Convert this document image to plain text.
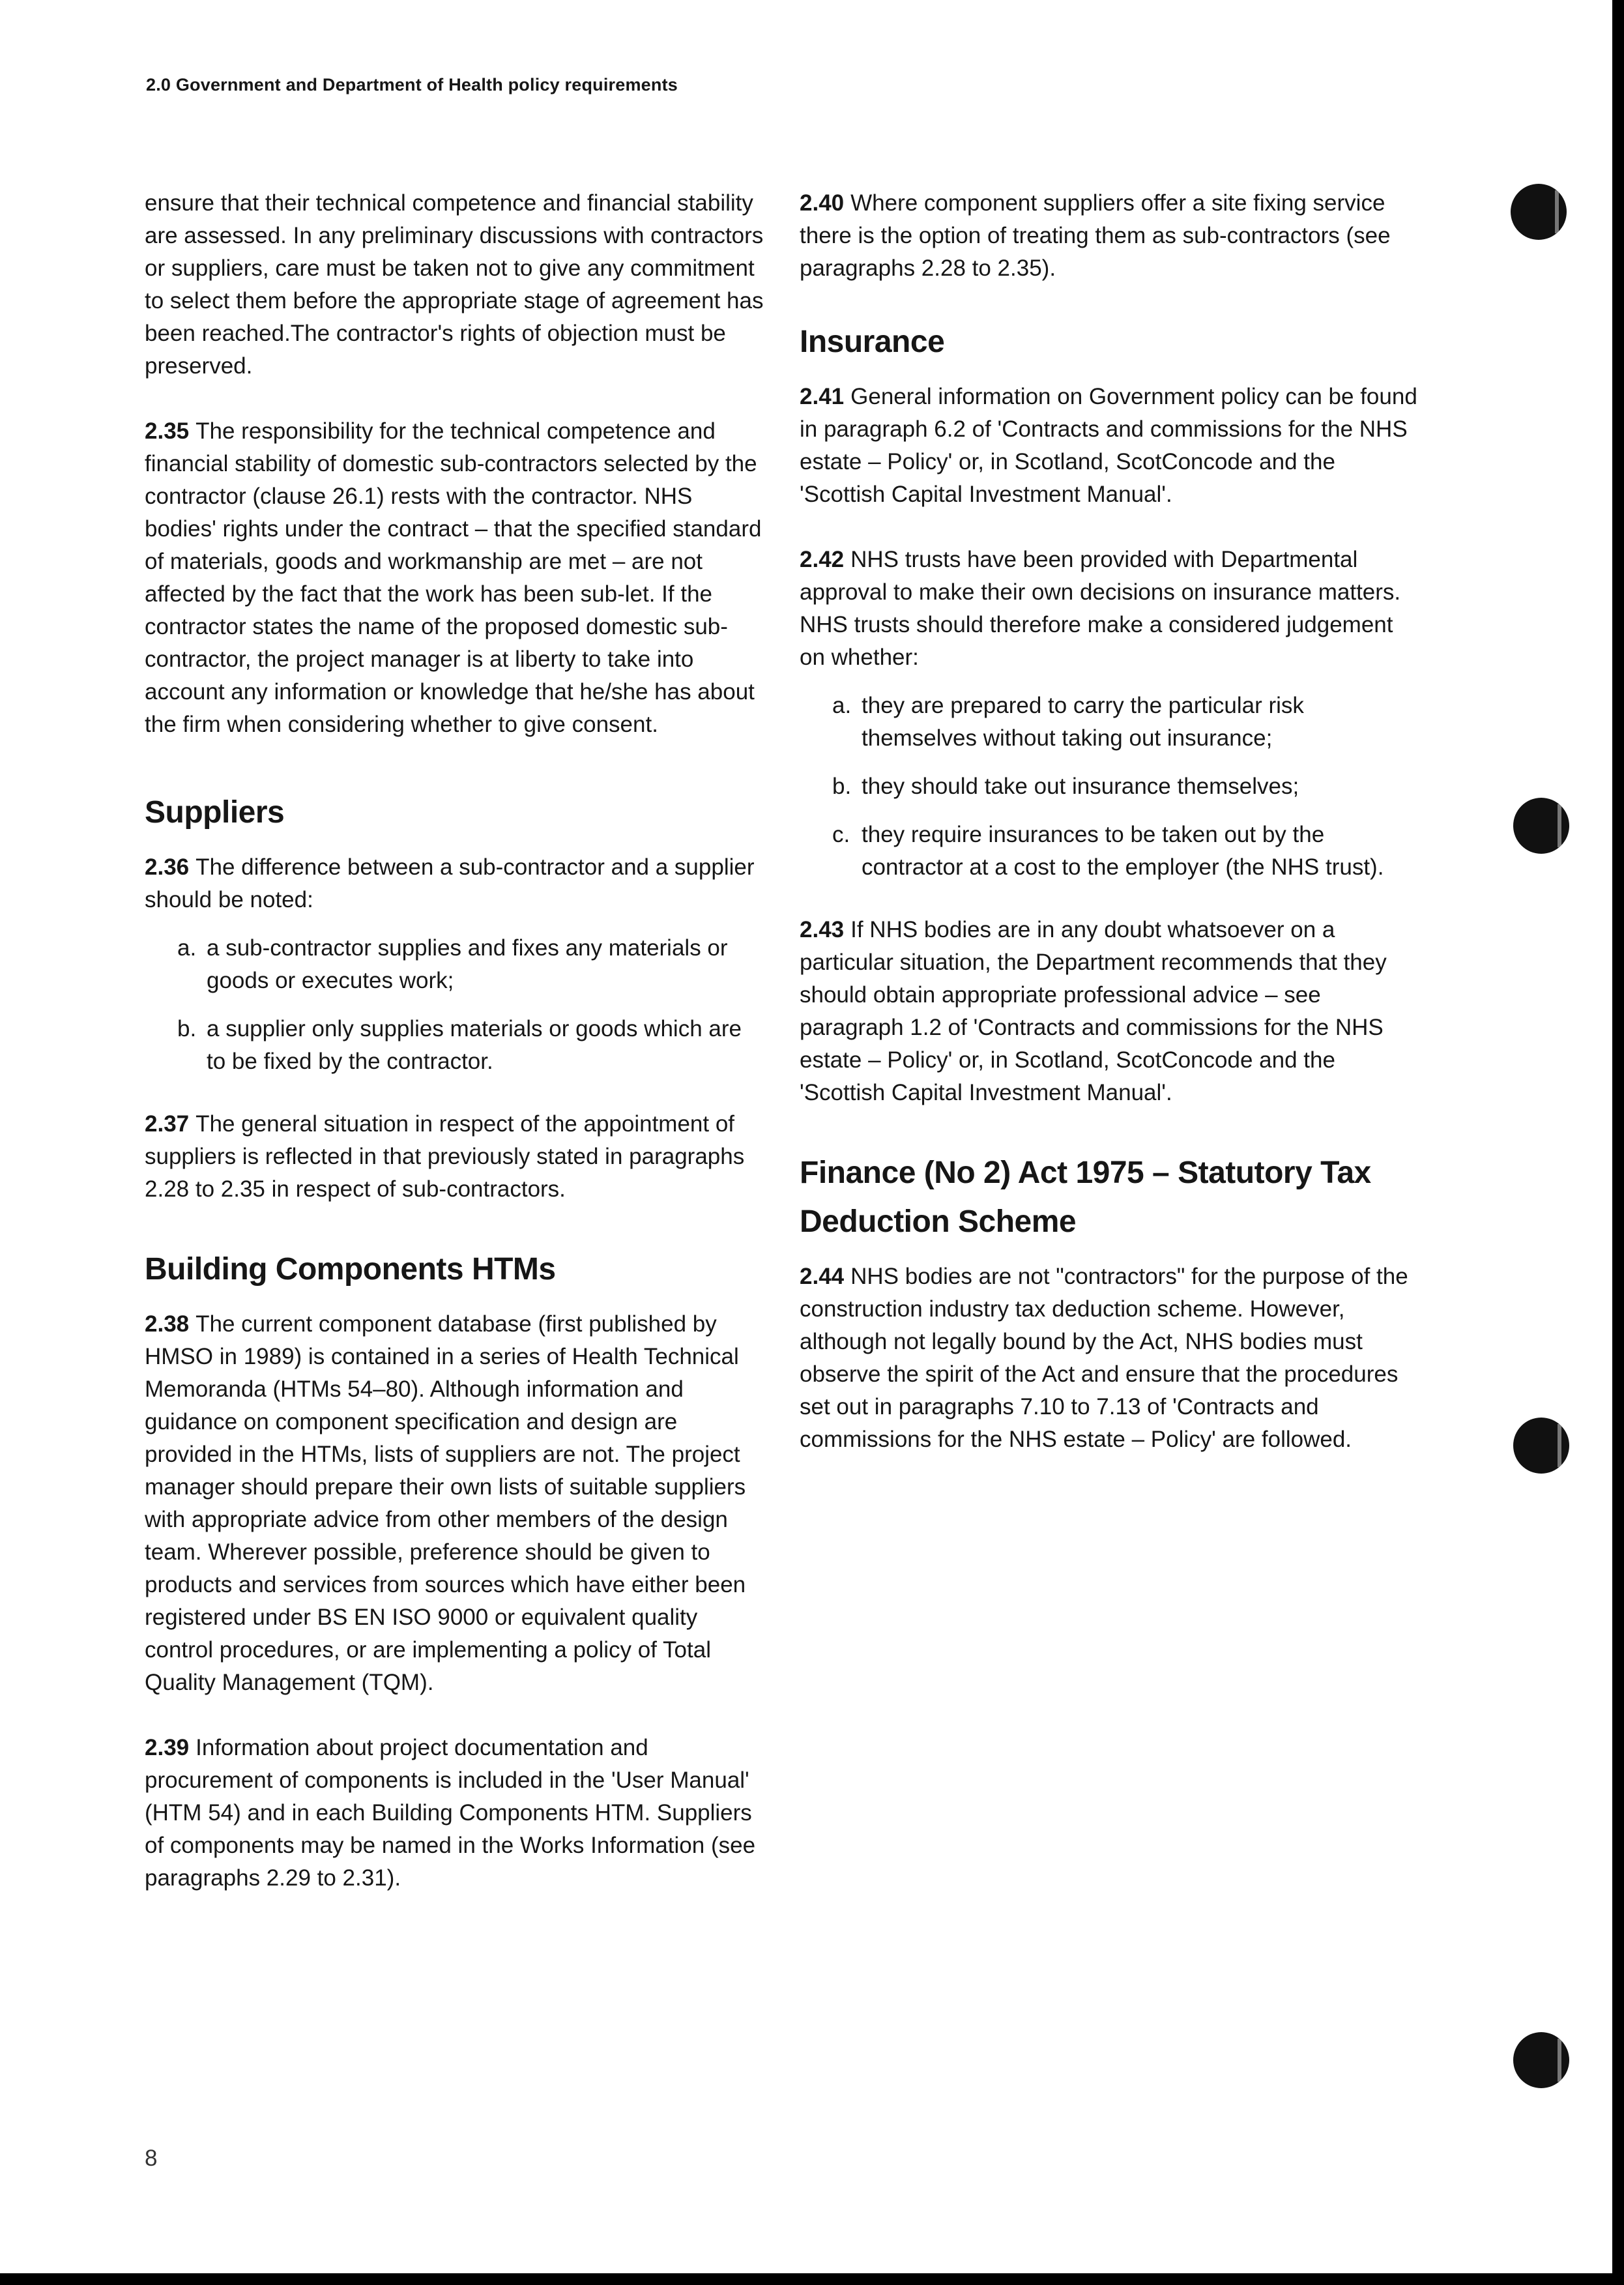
2.0 Government and Department of Health policy requirements

ensure that their technical competence and financial stability are assessed. In any preliminary discussions with contractors or suppliers, care must be taken not to give any commitment to select them before the appropriate stage of agreement has been reached.The contractor's rights of objection must be preserved.

2.35 The responsibility for the technical competence and financial stability of domestic sub-contractors selected by the contractor (clause 26.1) rests with the contractor. NHS bodies' rights under the contract – that the specified standard of materials, goods and workmanship are met – are not affected by the fact that the work has been sub-let. If the contractor states the name of the proposed domestic sub-contractor, the project manager is at liberty to take into account any information or knowledge that he/she has about the firm when considering whether to give consent.

Suppliers

2.36 The difference between a sub-contractor and a supplier should be noted:

a. a sub-contractor supplies and fixes any materials or goods or executes work;
b. a supplier only supplies materials or goods which are to be fixed by the contractor.

2.37 The general situation in respect of the appointment of suppliers is reflected in that previously stated in paragraphs 2.28 to 2.35 in respect of sub-contractors.

Building Components HTMs

2.38 The current component database (first published by HMSO in 1989) is contained in a series of Health Technical Memoranda (HTMs 54–80). Although information and guidance on component specification and design are provided in the HTMs, lists of suppliers are not. The project manager should prepare their own lists of suitable suppliers with appropriate advice from other members of the design team. Wherever possible, preference should be given to products and services from sources which have either been registered under BS EN ISO 9000 or equivalent quality control procedures, or are implementing a policy of Total Quality Management (TQM).

2.39 Information about project documentation and procurement of components is included in the 'User Manual' (HTM 54) and in each Building Components HTM. Suppliers of components may be named in the Works Information (see paragraphs 2.29 to 2.31).

2.40 Where component suppliers offer a site fixing service there is the option of treating them as sub-contractors (see paragraphs 2.28 to 2.35).

Insurance

2.41 General information on Government policy can be found in paragraph 6.2 of 'Contracts and commissions for the NHS estate – Policy' or, in Scotland, ScotConcode and the 'Scottish Capital Investment Manual'.

2.42 NHS trusts have been provided with Departmental approval to make their own decisions on insurance matters. NHS trusts should therefore make a considered judgement on whether:

a. they are prepared to carry the particular risk themselves without taking out insurance;
b. they should take out insurance themselves;
c. they require insurances to be taken out by the contractor at a cost to the employer (the NHS trust).

2.43 If NHS bodies are in any doubt whatsoever on a particular situation, the Department recommends that they should obtain appropriate professional advice – see paragraph 1.2 of 'Contracts and commissions for the NHS estate – Policy' or, in Scotland, ScotConcode and the 'Scottish Capital Investment Manual'.

Finance (No 2) Act 1975 – Statutory Tax Deduction Scheme

2.44 NHS bodies are not "contractors" for the purpose of the construction industry tax deduction scheme. However, although not legally bound by the Act, NHS bodies must observe the spirit of the Act and ensure that the procedures set out in paragraphs 7.10 to 7.13 of 'Contracts and commissions for the NHS estate – Policy' are followed.

8
